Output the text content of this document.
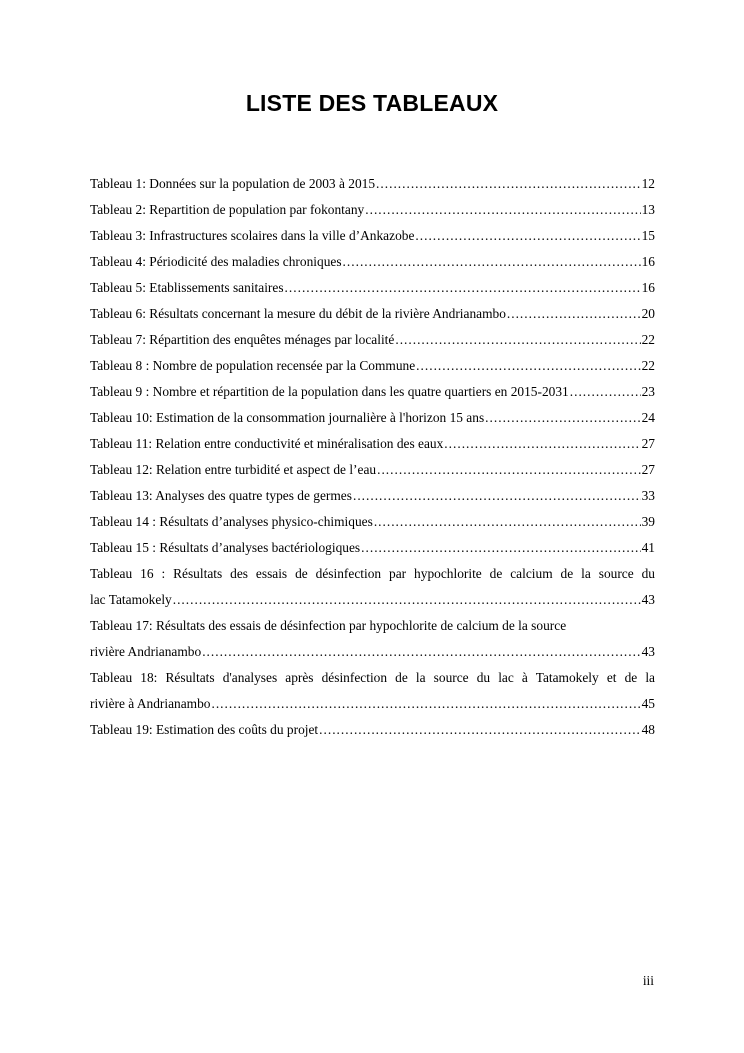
LISTE DES TABLEAUX
Tableau 1: Données sur la population de 2003 à 2015 .....	12
Tableau 2: Repartition de population par fokontany .....	13
Tableau 3: Infrastructures scolaires dans la ville d’Ankazobe .....	15
Tableau 4: Périodicité des maladies chroniques .....	16
Tableau 5: Etablissements sanitaires .....	16
Tableau 6: Résultats concernant la mesure du débit de la rivière Andrianambo .....	20
Tableau 7: Répartition des enquêtes ménages par localité .....	22
Tableau 8 : Nombre de population recensée par la Commune .....	22
Tableau 9 : Nombre et répartition de la population dans les quatre quartiers en 2015-2031 .....	23
Tableau 10: Estimation de la consommation journalière à l'horizon 15 ans .....	24
Tableau 11: Relation entre conductivité et minéralisation des eaux .....	27
Tableau 12: Relation entre turbidité et aspect de l’eau .....	27
Tableau 13: Analyses des quatre types de germes .....	33
Tableau 14 : Résultats d’analyses physico-chimiques .....	39
Tableau 15 : Résultats d’analyses bactériologiques .....	41
Tableau 16 : Résultats des essais de désinfection par hypochlorite de calcium de la source du
lac Tatamokely .....	43
Tableau 17: Résultats des essais de désinfection par hypochlorite de calcium de la source
rivière Andrianambo .....	43
Tableau 18: Résultats d'analyses après désinfection de la source du lac à Tatamokely et de la
rivière à Andrianambo .....	45
Tableau 19: Estimation des coûts du projet .....	48
iii
